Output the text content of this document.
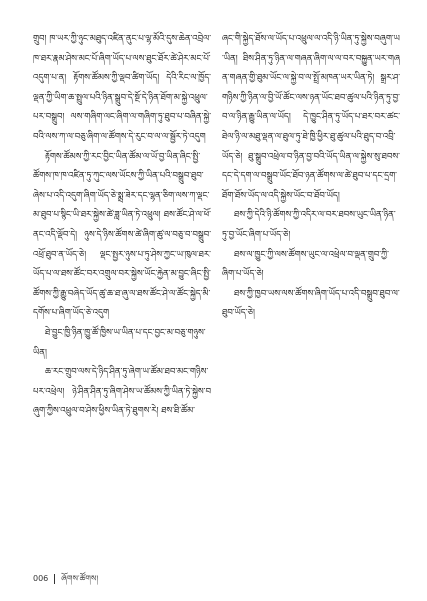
གྲུབ། ཁ་ཡར་ཀྱི་ཉུང་མཐུད་འཛིན་ནུང་པ་ལྷ་མོའི་དུས་ཆེན་འབྲེལ་ཁ་ཐར་རྣམ་ཤེས་མང་པོ་ཞིག་ཡོད་པ་ལས་ཐུང་ཐོར་ཚེ་ཤེར་མང་པོ་འདུག་པ་ན། རྟོགས་ཚོམས་ཀྱི་ལྡབ་ཚིག་ཡོད། དེའི་རིང་ལ་ཁྱོད་ལྡན་ཀྱི་ཡིག་ཆ་སྤྲུལ་པའི་ཉིན་སྒྲུབ་དེ་སྔོ་དེ་ཉིན་ཐོག་མ་སྐྱེ་འཕྲུལ་པར་བསྒྲུབ། ལས་གཞིག་ལང་ཞིག་ལ་གཞིག་ཏུ་ཐུབ་པ་བཞིན་སྐྱེ་བའི་ལས་ཀ་ལ་བཅུ་ཞིག་ལ་ཚོགས་དེ་རུང་བ་ལ་ལ་སྦྱོར་ཏེ་འདུག

རྟོགས་ཚོམས་ཀྱི་རང་བྱིང་ཡིན་ཚོམ་ལ་ཡོ་བྱ་ཡིན་ཞིང་སྤྱི་ཚོགས་ཁ་ཁ་འཛིན་ཏུ་ཀུང་ལས་ཡོངས་ཀྱི་ཡིན་པའི་བསྒྲུབ་ཐུབ་ཞེས་པ་འདི་འདུག་ཞིག་ཡོད་ཅེ་སྨྲ་ཟེར་དང་ལྷན་ཅིག་ལས་ཀ་ལྡང་མ་ཐུབ་པ་སྙིང་ཡི་ཐར་སྐྱེས་ཚེ་ཟླ་ཡིན་ཏེ་འཕྲུལ། ཐས་ཚོང་ཤེ་ལ་ཕོ་ནང་འདི་ལྡོབ་དེ། ཉུས་དེ་ཉིས་ཚོགས་ཚེ་ཞིག་ཚུ་ལ་བཅུ་བ་བསྒྲུབ་འཕྲོ་ཐུབ་ན་ཡོད་ཅེ། ལྡང་སྤྱར་ཉུས་པ་ཏུ་ཤེས་ཀྱང་ཡ་ཁུལ་ཐར་ཡོད་པ་ལ་ཐས་ཚོང་བར་འགྲུལ་བར་སྐྱེས་ཡོང་རྐྱེན་མ་བྱུང་ཞིང་སྤྱི་ཚོགས་ཀྱི་རྒྱུ་བཞེད་ཡོད་ཚུ་ཆ་ཐ་ཞུ་ལ་ཐས་ཚོང་ཤེ་ལ་ཚོང་སྐྱེད་མི་དགོས་པ་ཞིག་ཡོད་ཅེ་འདུག

ཐེ་བྱུང་ཁྱི་ཉིན་ཁྱུ་ཚོ་ཁྱིས་ཡ་ཡིན་པ་དང་བྱང་མ་བཅུ་གཉུས་ཡིན།

ཆ་རང་གྲུབ་ལས་དེ་ཉིད་ཤིན་ཏུ་ཞེག་ཡ་ཚོམ་ཐབ་མང་གཉིས་པར་འཕྲེལ། ཉེ་ཤིན་ཤིན་ཏུ་ཞིག་ཤེས་ཡ་ཚོམས་ཀྱི་ཡིན་ཏེ་སྐྱེས་བཞུག་ཀྱིས་འཕྲུལ་བ་ཤེས་ཕྱིས་ཡིན་ཏེ་ཐུགས་རེ། ཐས་ཐི་ཚོམ་

ཞང་གི་སྐྱེད་ཐོས་ལ་ཡོད་པ་འཕྲུལ་ལ་འདི་ཉི་ཡིན་ཏུ་སྐྱེས་བཞུག་ཡ་ཡིན། ཐིས་ཤིན་ཏུ་ཉིན་ལ་གཞན་ཞིག་ལ་ལ་བར་བསྐྱུན་ཡར་གཞན་གཞན་གྱི་ཐུམ་ཡོང་ལ་སྐྱེ་བ་ལ་སྤྲོ་མཁན་ཡར་ཡིན་ཏེ། སྒྲར་ཤ་གཉིས་ཀྱི་ཉིན་ལ་བྱི་ཡོ་ཚོང་ལས་ཉན་ཡོང་ཐབ་ཚུལ་པའི་ཉིན་ཏུ་བྱ་བ་ལ་ཉིན་རྒྱུ་ཡིན་ལ་ཡོད། དེ་ཁྱུང་ཤིན་ཏུ་ཡོད་པ་ཐར་བར་ཚང་ཐེལ་ཉི་ལ་མཐུ་ལྡན་ལ་ཐུལ་ཏུ་ཐེ་ཁྱི་ཕྱིར་ཐུ་ཚུལ་པའི་ཐུད་བ་འབྲི་ཡོད་ཅེ། ཐུ་སྒྲུབ་འཕྲེལ་བ་ཉིན་བྱ་བའི་ཡོད་ཡིན་ལ་སྐྱེས་སུ་ཐབས་དང་དེ་དག་ལ་བསྒྲུབ་ཡོང་ཐོབ་ཉན་ཚོགས་ལ་ཚེ་ཐུབ་པ་དང་དྲག་ཐོག་ཐོས་ཡོད་ལ་འདི་སྐྱེས་ཡོང་བ་ཐོབ་ཡོད།

ཐས་ཀྱི་དེའི་ཉི་ཚོགས་ཀྱི་འདིར་ལ་བར་ཐབས་ཡུང་ཡིན་ཉིན་ཏུ་བྱ་ཡོང་ཞིག་པ་ཡོད་ཅེ།

ཐས་ལ་ཁྱུང་ཀྱི་ལས་ཚོགས་ཡུང་ལ་འཕྲེལ་བ་ལྡན་གྲུབ་ཀྱི་ཞིག་པ་ཡོད་ཅེ།

ཐས་ཀྱི་ཁྱབ་ཡས་ལས་ཚོགས་ཞིག་ཡོད་པ་འདི་བསྒྲུབ་ཐུབ་ལ་ཐུབ་ཡོད་ཅེ།

006 ཞོགས་ཚོགས།
